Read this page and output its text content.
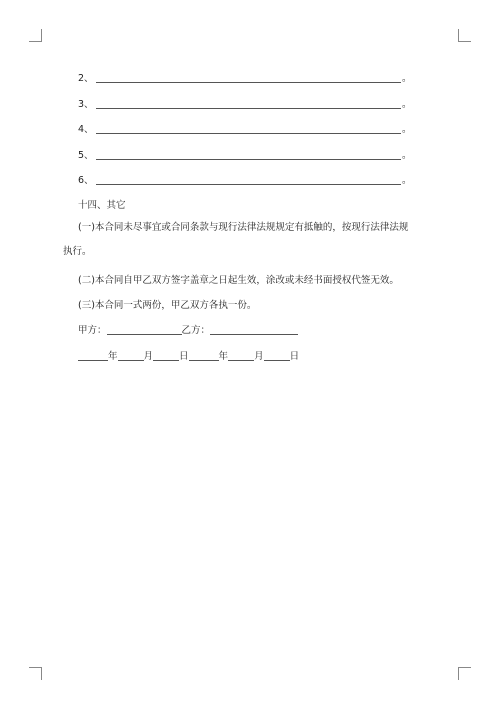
2、	。
3、	。
4、	。
5、	。
6、	。
十四、其它
(一)本合同未尽事宜或合同条款与现行法律法规规定有抵触的，按现行法律法规
执行。
(二)本合同自甲乙双方签字盖章之日起生效，涂改或未经书面授权代签无效。
(三)本合同一式两份，甲乙双方各执一份。
甲方：	乙方：
年	月	日	年	月	日
